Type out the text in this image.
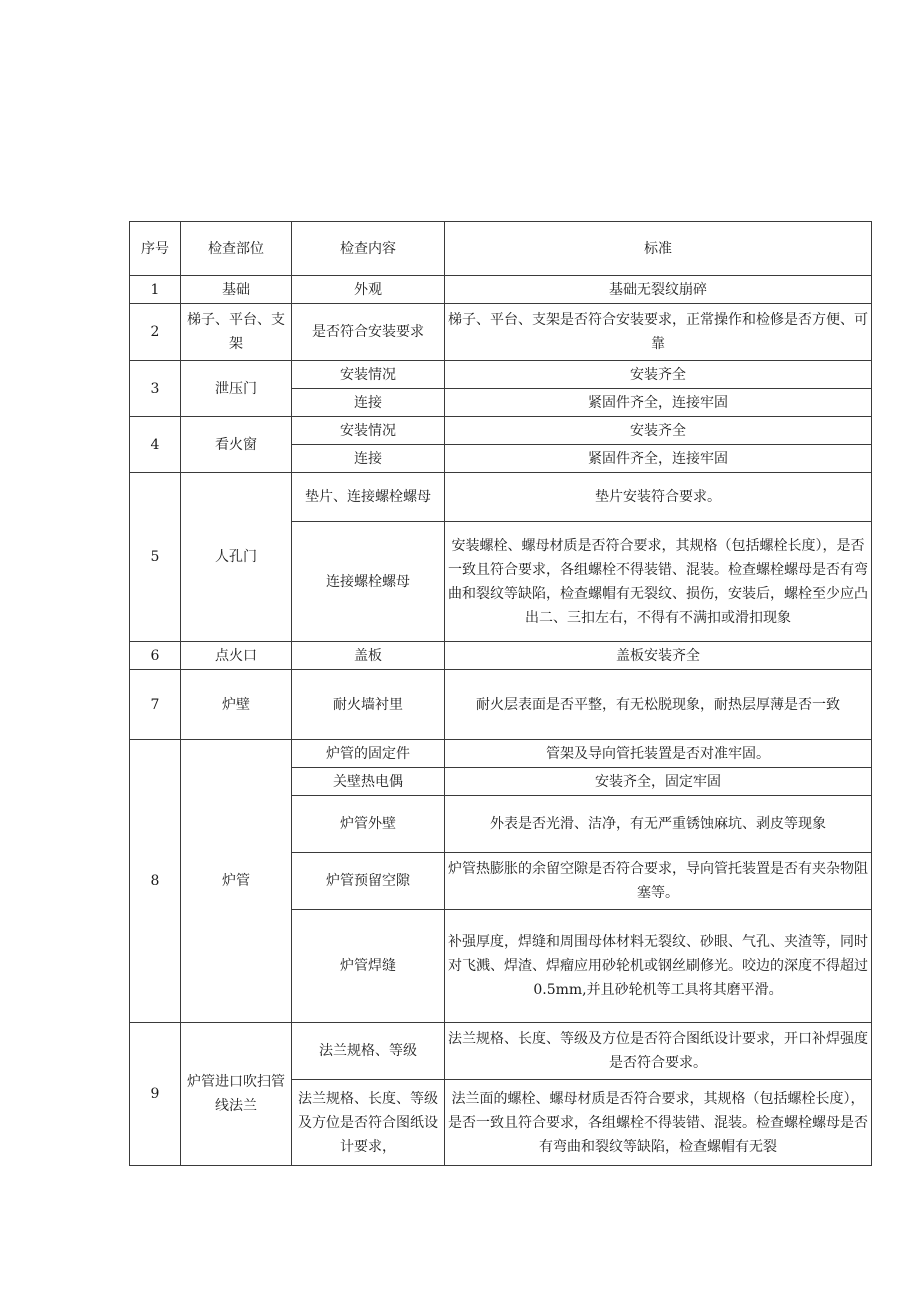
序号	检查部位	检查内容	标准
1	基础	外观	基础无裂纹崩碎
2	梯子、平台、支架	是否符合安装要求	梯子、平台、支架是否符合安装要求，正常操作和检修是否方便、可靠
3	泄压门	安装情况	安装齐全
		连接	紧固件齐全，连接牢固
4	看火窗	安装情况	安装齐全
		连接	紧固件齐全，连接牢固
5	人孔门	垫片、连接螺栓螺母	垫片安装符合要求。
		连接螺栓螺母	安装螺栓、螺母材质是否符合要求，其规格（包括螺栓长度），是否一致且符合要求，各组螺栓不得装错、混装。检查螺栓螺母是否有弯曲和裂纹等缺陷，检查螺帽有无裂纹、损伤，安装后，螺栓至少应凸出二、三扣左右，不得有不满扣或滑扣现象
6	点火口	盖板	盖板安装齐全
7	炉壁	耐火墙衬里	耐火层表面是否平整，有无松脱现象，耐热层厚薄是否一致
8	炉管	炉管的固定件	管架及导向管托装置是否对准牢固。
		关壁热电偶	安装齐全，固定牢固
		炉管外壁	外表是否光滑、洁净，有无严重锈蚀麻坑、剥皮等现象
		炉管预留空隙	炉管热膨胀的余留空隙是否符合要求，导向管托装置是否有夹杂物阻塞等。
		炉管焊缝	补强厚度，焊缝和周围母体材料无裂纹、砂眼、气孔、夹渣等，同时对飞溅、焊渣、焊瘤应用砂轮机或钢丝刷修光。咬边的深度不得超过0.5mm,并且砂轮机等工具将其磨平滑。
9	炉管进口吹扫管线法兰	法兰规格、等级	法兰规格、长度、等级及方位是否符合图纸设计要求，开口补焊强度是否符合要求。
		法兰规格、长度、等级及方位是否符合图纸设计要求，	法兰面的螺栓、螺母材质是否符合要求，其规格（包括螺栓长度），是否一致且符合要求，各组螺栓不得装错、混装。检查螺栓螺母是否有弯曲和裂纹等缺陷，检查螺帽有无裂
